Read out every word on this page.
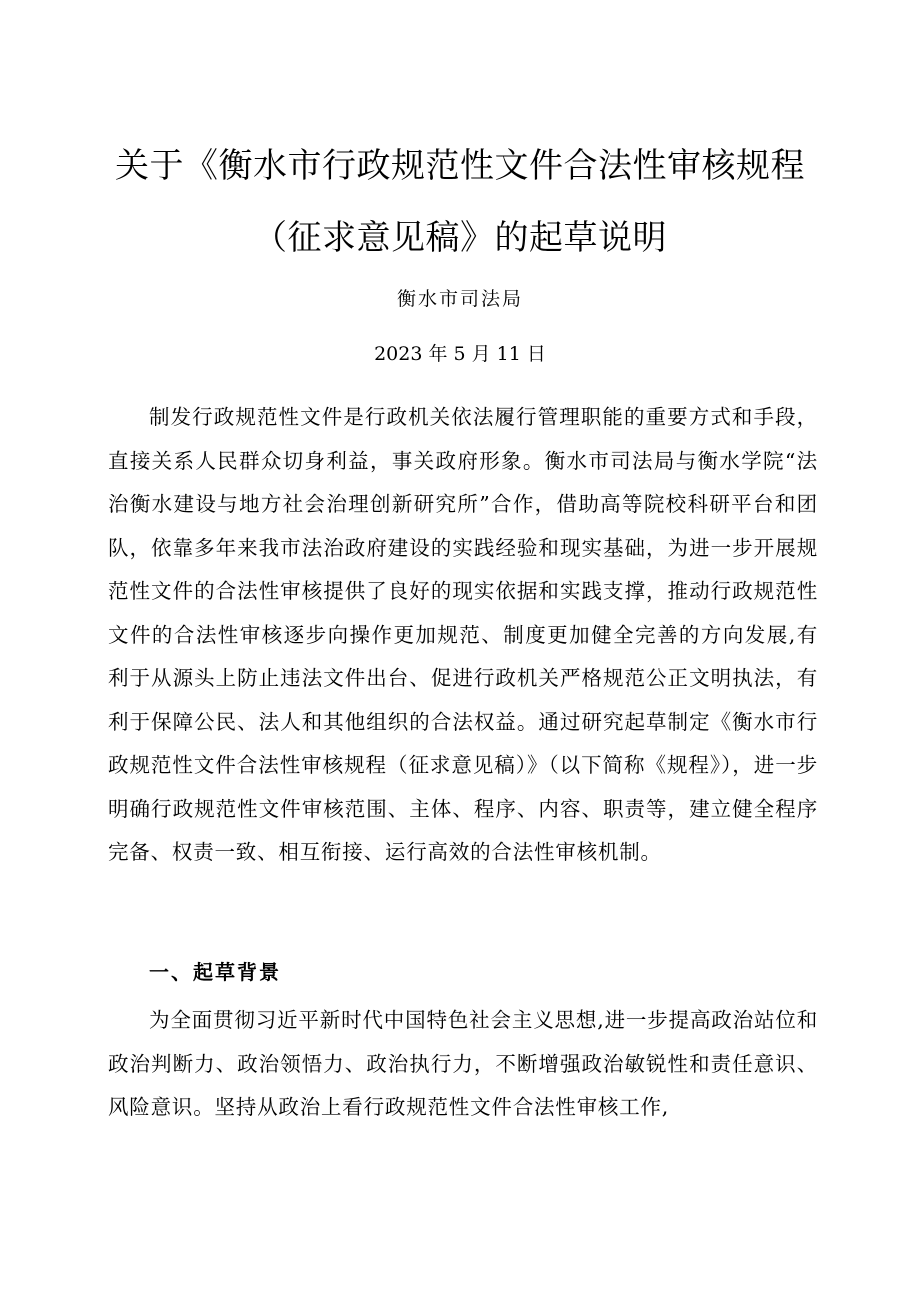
关于《衡水市行政规范性文件合法性审核规程
（征求意见稿》的起草说明
衡水市司法局
2023 年 5 月 11 日

制发行政规范性文件是行政机关依法履行管理职能的重要方式和手段，直接关系人民群众切身利益，事关政府形象。衡水市司法局与衡水学院“法治衡水建设与地方社会治理创新研究所”合作，借助高等院校科研平台和团队，依靠多年来我市法治政府建设的实践经验和现实基础，为进一步开展规范性文件的合法性审核提供了良好的现实依据和实践支撑，推动行政规范性文件的合法性审核逐步向操作更加规范、制度更加健全完善的方向发展,有利于从源头上防止违法文件出台、促进行政机关严格规范公正文明执法，有利于保障公民、法人和其他组织的合法权益。通过研究起草制定《衡水市行政规范性文件合法性审核规程（征求意见稿）》（以下简称《规程》），进一步明确行政规范性文件审核范围、主体、程序、内容、职责等，建立健全程序完备、权责一致、相互衔接、运行高效的合法性审核机制。

一、起草背景

为全面贯彻习近平新时代中国特色社会主义思想,进一步提高政治站位和政治判断力、政治领悟力、政治执行力，不断增强政治敏锐性和责任意识、风险意识。坚持从政治上看行政规范性文件合法性审核工作,
